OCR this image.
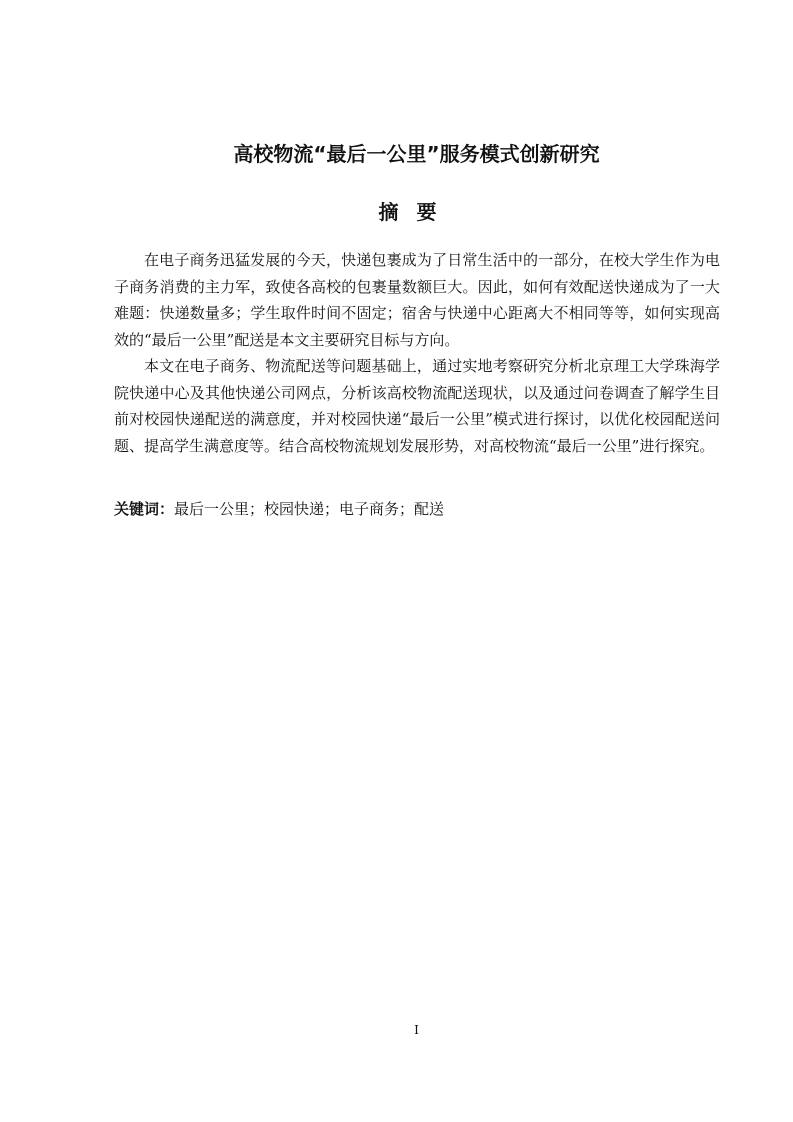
高校物流“最后一公里”服务模式创新研究
摘要

在电子商务迅猛发展的今天，快递包裹成为了日常生活中的一部分，在校大学生作为电子商务消费的主力军，致使各高校的包裹量数额巨大。因此，如何有效配送快递成为了一大难题：快递数量多；学生取件时间不固定；宿舍与快递中心距离大不相同等等，如何实现高效的“最后一公里”配送是本文主要研究目标与方向。

本文在电子商务、物流配送等问题基础上，通过实地考察研究分析北京理工大学珠海学院快递中心及其他快递公司网点，分析该高校物流配送现状，以及通过问卷调查了解学生目前对校园快递配送的满意度，并对校园快递“最后一公里”模式进行探讨，以优化校园配送问题、提高学生满意度等。结合高校物流规划发展形势，对高校物流“最后一公里”进行探究。

关键词：最后一公里；校园快递；电子商务；配送
I
